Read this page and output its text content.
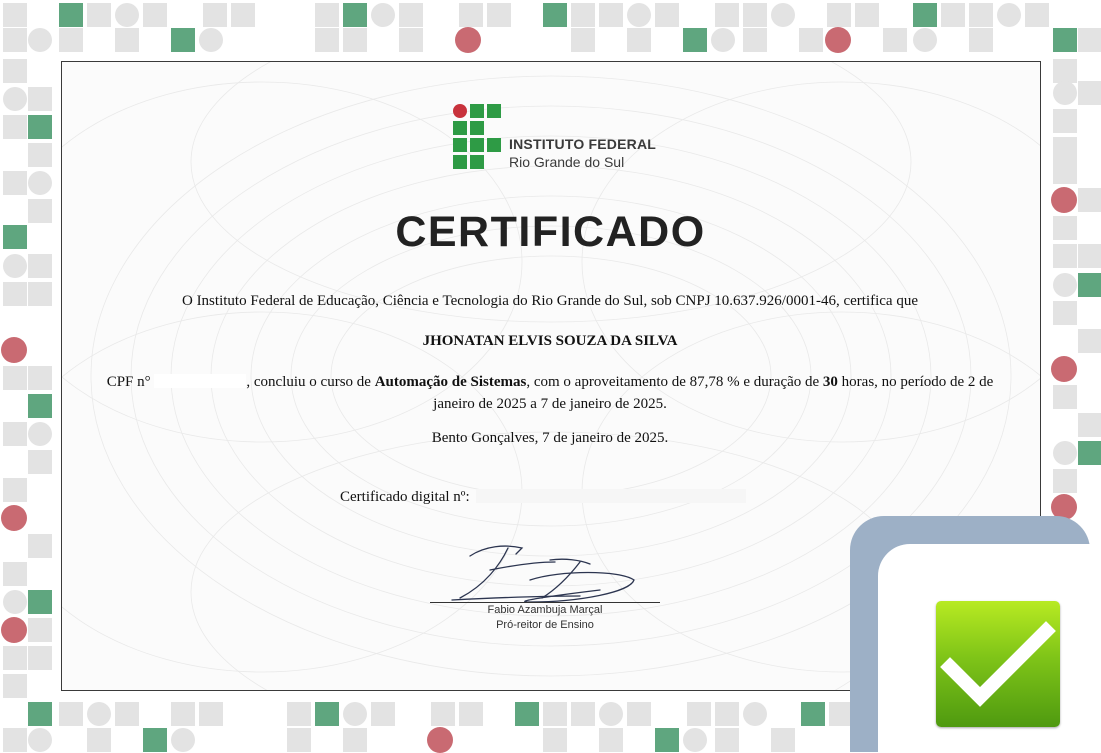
INSTITUTO FEDERAL
Rio Grande do Sul
CERTIFICADO
O Instituto Federal de Educação, Ciência e Tecnologia do Rio Grande do Sul, sob CNPJ 10.637.926/0001-46, certifica que
JHONATAN ELVIS SOUZA DA SILVA
CPF n°	, concluiu o curso de Automação de Sistemas, com o aproveitamento de 87,78 % e duração de 30 horas, no período de 2 de janeiro de 2025 a 7 de janeiro de 2025.
Bento Gonçalves, 7 de janeiro de 2025.
Certificado digital nº:
Fabio Azambuja Marçal
Pró-reitor de Ensino
